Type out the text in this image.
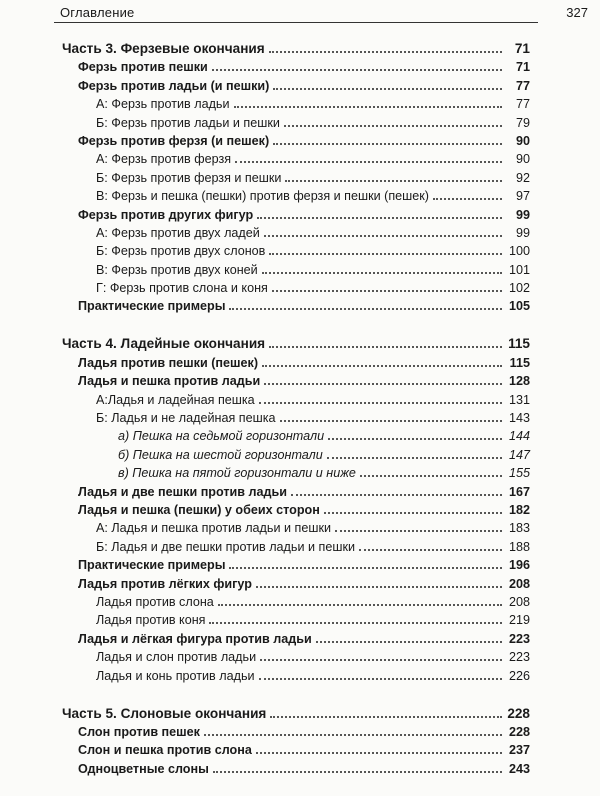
Оглавление	327
Часть 3. Ферзевые окончания	71
Ферзь против пешки	71
Ферзь против ладьи (и пешки)	77
А: Ферзь против ладьи	77
Б: Ферзь против ладьи и пешки	79
Ферзь против ферзя (и пешек)	90
А: Ферзь против ферзя	90
Б: Ферзь против ферзя и пешки	92
В: Ферзь и пешка (пешки) против ферзя и пешки (пешек)	97
Ферзь против других фигур	99
А: Ферзь против двух ладей	99
Б: Ферзь против двух слонов	100
В: Ферзь против двух коней	101
Г: Ферзь против слона и коня	102
Практические примеры	105
Часть 4. Ладейные окончания	115
Ладья против пешки (пешек)	115
Ладья и пешка против ладьи	128
А:Ладья и ладейная пешка	131
Б: Ладья и не ладейная пешка	143
а) Пешка на седьмой горизонтали	144
б) Пешка на шестой горизонтали	147
в) Пешка на пятой горизонтали и ниже	155
Ладья и две пешки против ладьи	167
Ладья и пешка (пешки) у обеих сторон	182
А: Ладья и пешка против ладьи и пешки	183
Б: Ладья и две пешки против ладьи и пешки	188
Практические примеры	196
Ладья против лёгких фигур	208
Ладья против слона	208
Ладья против коня	219
Ладья и лёгкая фигура против ладьи	223
Ладья и слон против ладьи	223
Ладья и конь против ладьи	226
Часть 5. Слоновые окончания	228
Слон против пешек	228
Слон и пешка против слона	237
Одноцветные слоны	243
